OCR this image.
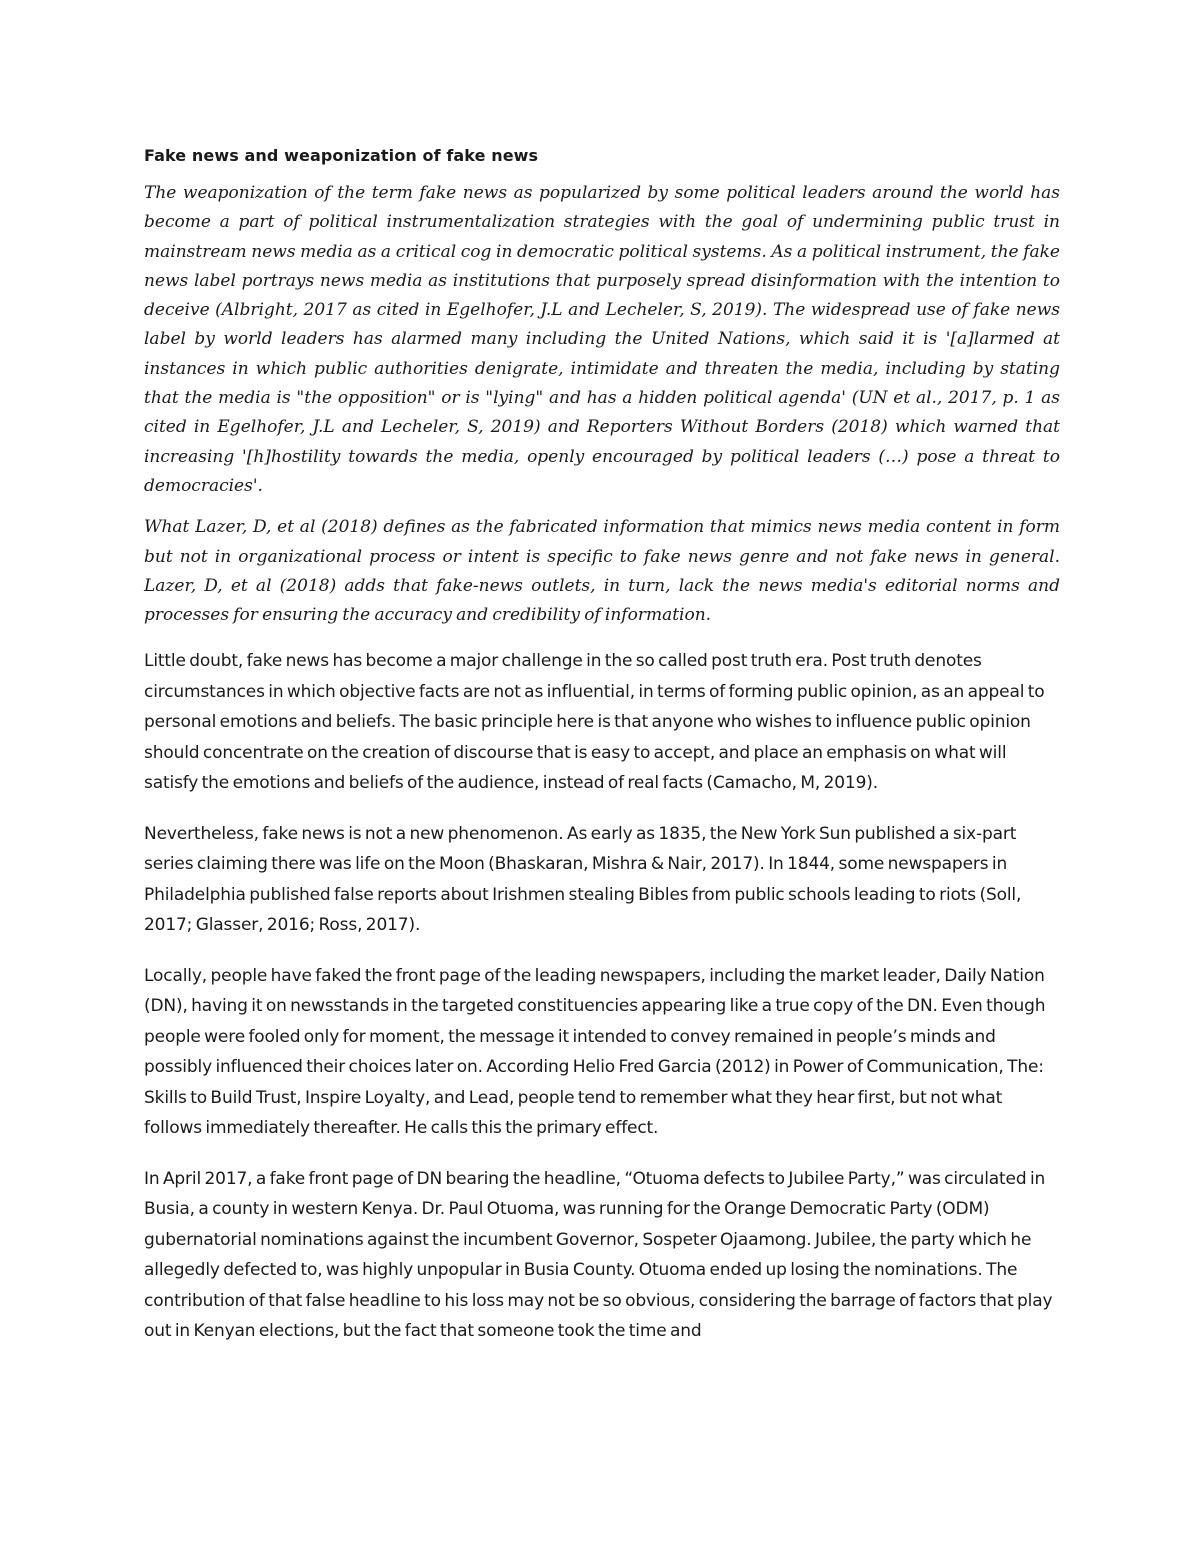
Fake news and weaponization of fake news

The weaponization of the term fake news as popularized by some political leaders around the world has become a part of political instrumentalization strategies with the goal of undermining public trust in mainstream news media as a critical cog in democratic political systems. As a political instrument, the fake news label portrays news media as institutions that purposely spread disinformation with the intention to deceive (Albright, 2017 as cited in Egelhofer, J.L and Lecheler, S, 2019). The widespread use of fake news label by world leaders has alarmed many including the United Nations, which said it is '[a]larmed at instances in which public authorities denigrate, intimidate and threaten the media, including by stating that the media is "the opposition" or is "lying" and has a hidden political agenda' (UN et al., 2017, p. 1 as cited in Egelhofer, J.L and Lecheler, S, 2019) and Reporters Without Borders (2018) which warned that increasing '[h]hostility towards the media, openly encouraged by political leaders (…) pose a threat to democracies'.

What Lazer, D, et al (2018) defines as the fabricated information that mimics news media content in form but not in organizational process or intent is specific to fake news genre and not fake news in general. Lazer, D, et al (2018) adds that fake-news outlets, in turn, lack the news media's editorial norms and processes for ensuring the accuracy and credibility of information.

Little doubt, fake news has become a major challenge in the so called post truth era. Post truth denotes circumstances in which objective facts are not as influential, in terms of forming public opinion, as an appeal to personal emotions and beliefs. The basic principle here is that anyone who wishes to influence public opinion should concentrate on the creation of discourse that is easy to accept, and place an emphasis on what will satisfy the emotions and beliefs of the audience, instead of real facts (Camacho, M, 2019).

Nevertheless, fake news is not a new phenomenon. As early as 1835, the New York Sun published a six-part series claiming there was life on the Moon (Bhaskaran, Mishra & Nair, 2017). In 1844, some newspapers in Philadelphia published false reports about Irishmen stealing Bibles from public schools leading to riots (Soll, 2017; Glasser, 2016; Ross, 2017).

Locally, people have faked the front page of the leading newspapers, including the market leader, Daily Nation (DN), having it on newsstands in the targeted constituencies appearing like a true copy of the DN. Even though people were fooled only for moment, the message it intended to convey remained in people’s minds and possibly influenced their choices later on. According Helio Fred Garcia (2012) in Power of Communication, The: Skills to Build Trust, Inspire Loyalty, and Lead, people tend to remember what they hear first, but not what follows immediately thereafter. He calls this the primary effect.

In April 2017, a fake front page of DN bearing the headline, “Otuoma defects to Jubilee Party,” was circulated in Busia, a county in western Kenya. Dr. Paul Otuoma, was running for the Orange Democratic Party (ODM) gubernatorial nominations against the incumbent Governor, Sospeter Ojaamong. Jubilee, the party which he allegedly defected to, was highly unpopular in Busia County. Otuoma ended up losing the nominations. The contribution of that false headline to his loss may not be so obvious, considering the barrage of factors that play out in Kenyan elections, but the fact that someone took the time and
